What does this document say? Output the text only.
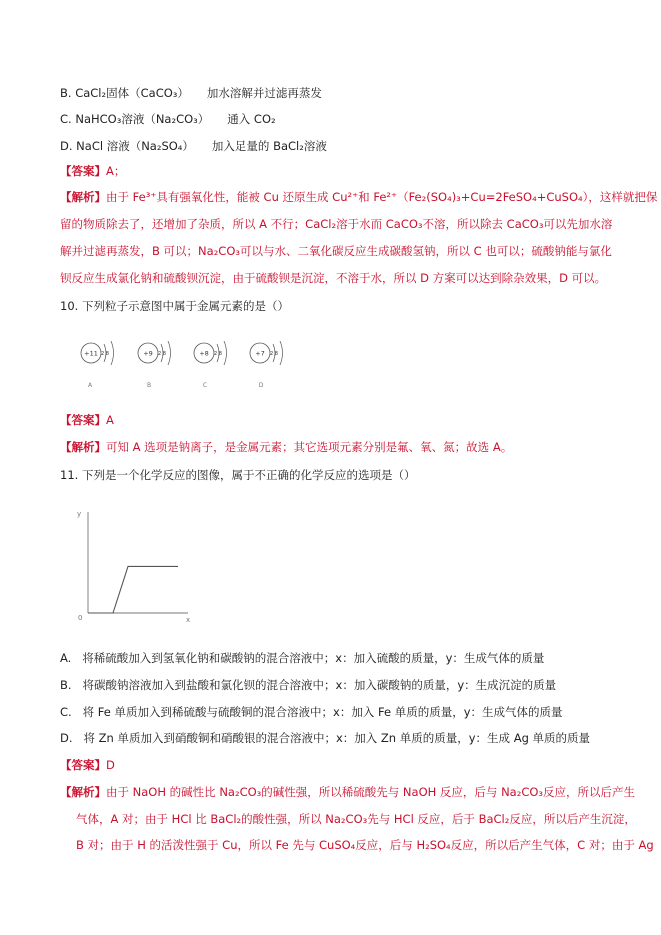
B. CaCl₂固体（CaCO₃） 加水溶解并过滤再蒸发
C. NaHCO₃溶液（Na₂CO₃） 通入 CO₂
D. NaCl 溶液（Na₂SO₄） 加入足量的 BaCl₂溶液
【答案】A；
【解析】由于 Fe³⁺具有强氧化性，能被 Cu 还原生成 Cu²⁺和 Fe²⁺（Fe₂(SO₄)₃+Cu=2FeSO₄+CuSO₄），这样就把保
留的物质除去了，还增加了杂质，所以 A 不行；CaCl₂溶于水而 CaCO₃不溶，所以除去 CaCO₃可以先加水溶
解并过滤再蒸发，B 可以；Na₂CO₃可以与水、二氧化碳反应生成碳酸氢钠，所以 C 也可以；硫酸钠能与氯化
钡反应生成氯化钠和硫酸钡沉淀，由于硫酸钡是沉淀，不溶于水，所以 D 方案可以达到除杂效果，D 可以。
10. 下列粒子示意图中属于金属元素的是（）
+11 2 8
A
+9 2 8
B
+8 2 8
C
+7 2 8
D
【答案】A
【解析】可知 A 选项是钠离子，是金属元素；其它选项元素分别是氟、氧、氮；故选 A。
11. 下列是一个化学反应的图像，属于不正确的化学反应的选项是（）
y
x
0
A. 将稀硫酸加入到氢氧化钠和碳酸钠的混合溶液中；x：加入硫酸的质量，y：生成气体的质量
B. 将碳酸钠溶液加入到盐酸和氯化钡的混合溶液中；x：加入碳酸钠的质量，y：生成沉淀的质量
C. 将 Fe 单质加入到稀硫酸与硫酸铜的混合溶液中；x：加入 Fe 单质的质量，y：生成气体的质量
D. 将 Zn 单质加入到硝酸铜和硝酸银的混合溶液中；x：加入 Zn 单质的质量，y：生成 Ag 单质的质量
【答案】D
【解析】由于 NaOH 的碱性比 Na₂CO₃的碱性强，所以稀硫酸先与 NaOH 反应，后与 Na₂CO₃反应，所以后产生
气体，A 对；由于 HCl 比 BaCl₂的酸性强，所以 Na₂CO₃先与 HCl 反应，后于 BaCl₂反应，所以后产生沉淀，
B 对；由于 H 的活泼性强于 Cu，所以 Fe 先与 CuSO₄反应，后与 H₂SO₄反应，所以后产生气体，C 对；由于 Ag
